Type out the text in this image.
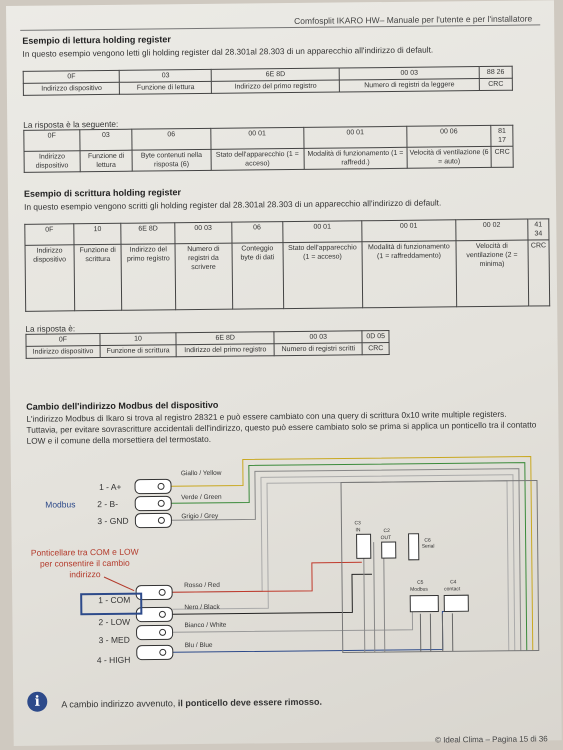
Comfosplit IKARO HW– Manuale per l'utente e per l'installatore
Esempio di lettura holding register
In questo esempio vengono letti gli holding register dal 28.301al 28.303 di un apparecchio all'indirizzo di default.
0F	03	6E 8D	00 03	88 26
Indirizzo dispositivo	Funzione di lettura	Indirizzo del primo registro	Numero di registri da leggere	CRC
La risposta è la seguente:
0F	03	06	00 01	00 01	00 06	81 17
Indirizzo dispositivo	Funzione di lettura	Byte contenuti nella risposta (6)	Stato dell'apparecchio (1 = acceso)	Modalità di funzionamento (1 = raffredd.)	Velocità di ventilazione (6 = auto)	CRC
Esempio di scrittura holding register
In questo esempio vengono scritti gli holding register dal 28.301al 28.303 di un apparecchio all'indirizzo di default.
0F	10	6E 8D	00 03	06	00 01	00 01	00 02	41 34
Indirizzo dispositivo	Funzione di scrittura	Indirizzo del primo registro	Numero di registri da scrivere	Conteggio byte di dati	Stato dell'apparecchio (1 = acceso)	Modalità di funzionamento (1 = raffreddamento)	Velocità di ventilazione (2 = minima)	CRC
La risposta è:
0F	10	6E 8D	00 03	0D 05
Indirizzo dispositivo	Funzione di scrittura	Indirizzo del primo registro	Numero di registri scritti	CRC
Cambio dell'indirizzo Modbus del dispositivo
L'indirizzo Modbus di Ikaro si trova al registro 28321 e può essere cambiato con una query di scrittura 0x10 write multiple registers. Tuttavia, per evitare sovrascritture accidentali dell'indirizzo, questo può essere cambiato solo se prima si applica un ponticello tra il contatto LOW e il comune della morsettiera del termostato.
1 - A+
2 - B-
3 - GND
Modbus
Giallo / Yellow
Verde / Green
Grigio / Grey
Ponticellare tra COM e LOW per consentire il cambio indirizzo
1 - COM
2 - LOW
3 - MED
4 - HIGH
Rosso / Red
Nero / Black
Bianco / White
Blu / Blue
C3
IN	C2
OUT	C6 Serial
C5
Modbus
C4
contact
i	A cambio indirizzo avvenuto, il ponticello deve essere rimosso.
© Ideal Clima – Pagina 15 di 36
